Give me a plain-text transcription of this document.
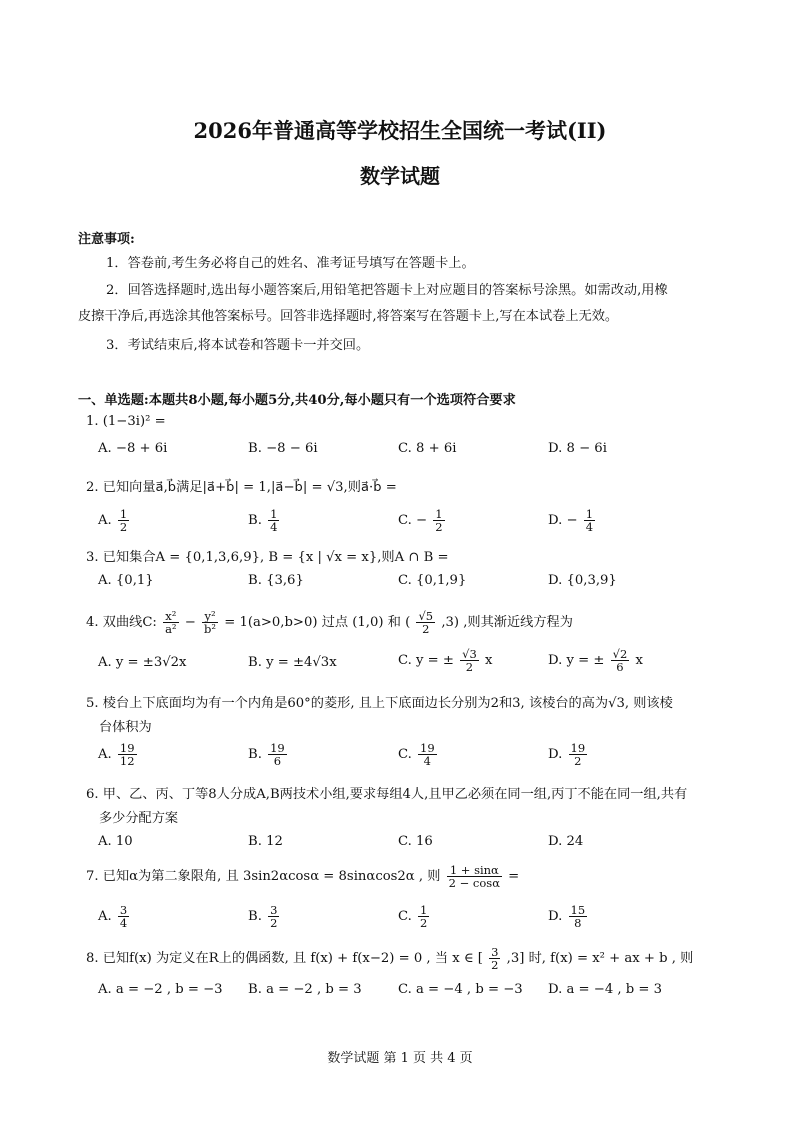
2026年普通高等学校招生全国统一考试(II)
数学试题
注意事项:
1．答卷前,考生务必将自己的姓名、准考证号填写在答题卡上。
2．回答选择题时,选出每小题答案后,用铅笔把答题卡上对应题目的答案标号涂黑。如需改动,用橡
皮擦干净后,再选涂其他答案标号。回答非选择题时,将答案写在答题卡上,写在本试卷上无效。
3．考试结束后,将本试卷和答题卡一并交回。
一、单选题:本题共8小题,每小题5分,共40分,每小题只有一个选项符合要求
1. (1−3i)² =
A. −8 + 6i	B. −8 − 6i	C. 8 + 6i	D. 8 − 6i
2. 已知向量a⃗,b⃗满足|a⃗+b⃗| = 1,|a⃗−b⃗| = √3,则a⃗·b⃗ =
A. $\frac{1}{2}$	B. $\frac{1}{4}$	C. − $\frac{1}{2}$	D. − $\frac{1}{4}$
3. 已知集合A = {0,1,3,6,9}, B = {x | √x = x},则A ∩ B =
A. {0,1}	B. {3,6}	C. {0,1,9}	D. {0,3,9}
4. 双曲线C: $\frac{\text{x²}}{\text{a²}} - \frac{\text{y²}}{\text{b²}} = 1(a>0,b>0)$ 过点 (1,0) 和 ( $\frac{√5}{2} ,3$) ,则其渐近线方程为
A. y = ±3√2x	B. y = ±4√3x	C. y = ± $\frac{√3}{2}$ x	D. y = ± $\frac{√2}{6}$ x
5. 棱台上下底面均为有一个内角是60°的菱形, 且上下底面边长分别为2和3, 该棱台的高为√3, 则该棱
台体积为
A. $\frac{19}{12}$	B. $\frac{19}{6}$	C. $\frac{19}{4}$	D. $\frac{19}{2}$
6. 甲、乙、丙、丁等8人分成A,B两技术小组,要求每组4人,且甲乙必须在同一组,丙丁不能在同一组,共有
多少分配方案
A. 10	B. 12	C. 16	D. 24
7. 已知α为第二象限角, 且 3sin2αcosα = 8sinαcos2α , 则 $\frac{1 + \sin\alpha}{2 - \cos\alpha}$ =
A. $\frac{3}{4}$	B. $\frac{3}{2}$	C. $\frac{1}{2}$	D. $\frac{15}{8}$
8. 已知f(x) 为定义在R上的偶函数, 且 f(x) + f(x−2) = 0 , 当 x ∈ [ $\frac{3}{2} ,3$] 时, f(x) = x² + ax + b , 则
A. a = −2 , b = −3 B. a = −2 , b = 3	C. a = −4 , b = −3 D. a = −4 , b = 3
数学试题 第 1 页 共 4 页
